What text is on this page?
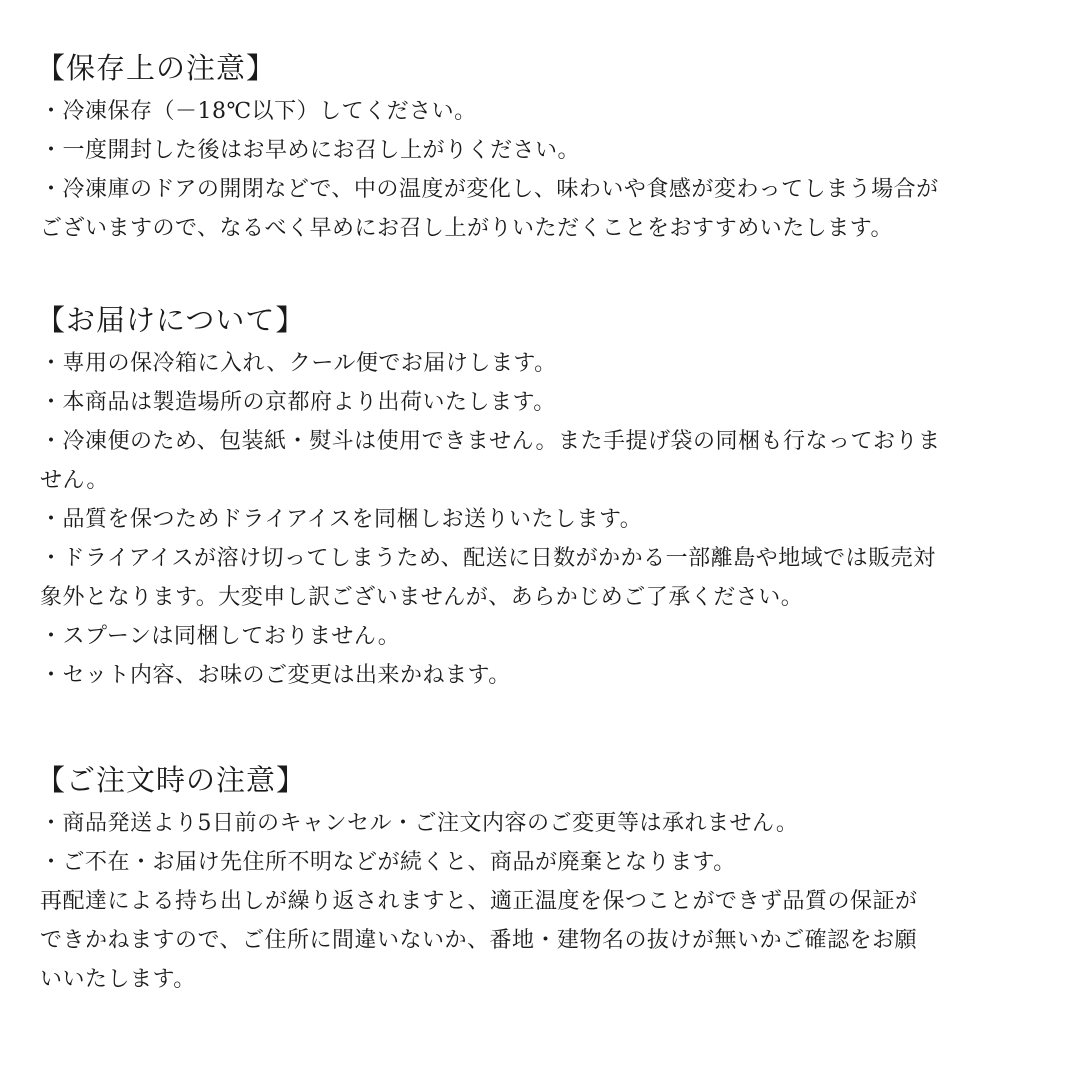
【保存上の注意】

・冷凍保存（－18℃以下）してください。

・一度開封した後はお早めにお召し上がりください。

・冷凍庫のドアの開閉などで、中の温度が変化し、味わいや食感が変わってしまう場合が

ございますので、なるべく早めにお召し上がりいただくことをおすすめいたします。

【お届けについて】

・専用の保冷箱に入れ、クール便でお届けします。

・本商品は製造場所の京都府より出荷いたします。

・冷凍便のため、包装紙・熨斗は使用できません。また手提げ袋の同梱も行なっておりま

せん。

・品質を保つためドライアイスを同梱しお送りいたします。

・ドライアイスが溶け切ってしまうため、配送に日数がかかる一部離島や地域では販売対

象外となります。大変申し訳ございませんが、あらかじめご了承ください。

・スプーンは同梱しておりません。

・セット内容、お味のご変更は出来かねます。

【ご注文時の注意】

・商品発送より5日前のキャンセル・ご注文内容のご変更等は承れません。

・ご不在・お届け先住所不明などが続くと、商品が廃棄となります。

再配達による持ち出しが繰り返されますと、適正温度を保つことができず品質の保証が

できかねますので、ご住所に間違いないか、番地・建物名の抜けが無いかご確認をお願

いいたします。
